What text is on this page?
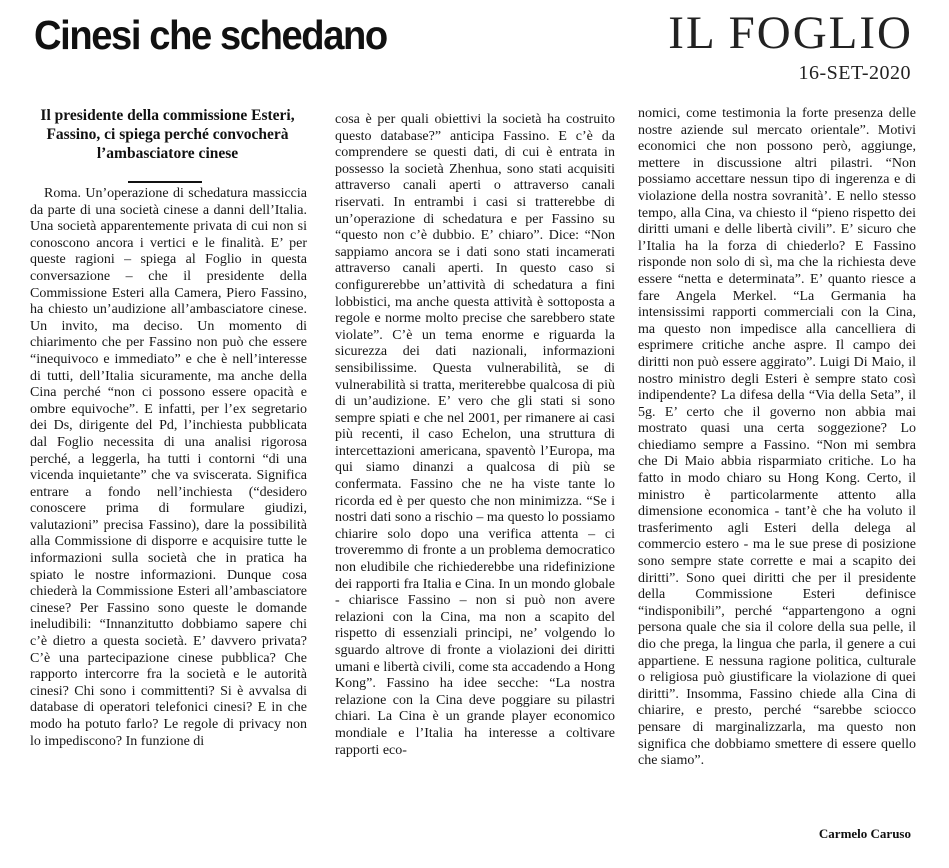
Cinesi che schedano	IL FOGLIO
16-SET-2020
Il presidente della commissione Esteri, Fassino, ci spiega perché convocherà l’ambasciatore cinese

Roma. Un’operazione di schedatura massiccia da parte di una società cinese a danni dell’Italia. Una società apparentemente privata di cui non si conoscono ancora i vertici e le finalità. E’ per queste ragioni – spiega al Foglio in questa conversazione – che il presidente della Commissione Esteri alla Camera, Piero Fassino, ha chiesto un’audizione all’ambasciatore cinese. Un invito, ma deciso. Un momento di chiarimento che per Fassino non può che essere “inequivoco e immediato” e che è nell’interesse di tutti, dell’Italia sicuramente, ma anche della Cina perché “non ci possono essere opacità e ombre equivoche”. E infatti, per l’ex segretario dei Ds, dirigente del Pd, l’inchiesta pubblicata dal Foglio necessita di una analisi rigorosa perché, a leggerla, ha tutti i contorni “di una vicenda inquietante” che va sviscerata. Significa entrare a fondo nell’inchiesta (“desidero conoscere prima di formulare giudizi, valutazioni” precisa Fassino), dare la possibilità alla Commissione di disporre e acquisire tutte le informazioni sulla società che in pratica ha spiato le nostre informazioni. Dunque cosa chiederà la Commissione Esteri all’ambasciatore cinese? Per Fassino sono queste le domande ineludibili: “Innanzitutto dobbiamo sapere chi c’è dietro a questa società. E’ davvero privata? C’è una partecipazione cinese pubblica? Che rapporto intercorre fra la società e le autorità cinesi? Chi sono i committenti? Si è avvalsa di database di operatori telefonici cinesi? E in che modo ha potuto farlo? Le regole di privacy non lo impediscono? In funzione di

cosa è per quali obiettivi la società ha costruito questo database?” anticipa Fassino. E c’è da comprendere se questi dati, di cui è entrata in possesso la società Zhenhua, sono stati acquisiti attraverso canali aperti o attraverso canali riservati. In entrambi i casi si tratterebbe di un’operazione di schedatura e per Fassino su “questo non c’è dubbio. E’ chiaro”. Dice: “Non sappiamo ancora se i dati sono stati incamerati attraverso canali aperti. In questo caso si configurerebbe un’attività di schedatura a fini lobbistici, ma anche questa attività è sottoposta a regole e norme molto precise che sarebbero state violate”. C’è un tema enorme e riguarda la sicurezza dei dati nazionali, informazioni sensibilissime. Questa vulnerabilità, se di vulnerabilità si tratta, meriterebbe qualcosa di più di un’audizione. E’ vero che gli stati si sono sempre spiati e che nel 2001, per rimanere ai casi più recenti, il caso Echelon, una struttura di intercettazioni americana, spaventò l’Europa, ma qui siamo dinanzi a qualcosa di più se confermata. Fassino che ne ha viste tante lo ricorda ed è per questo che non minimizza. “Se i nostri dati sono a rischio – ma questo lo possiamo chiarire solo dopo una verifica attenta – ci troveremmo di fronte a un problema democratico non eludibile che richiederebbe una ridefinizione dei rapporti fra Italia e Cina. In un mondo globale - chiarisce Fassino – non si può non avere relazioni con la Cina, ma non a scapito del rispetto di essenziali principi, ne’ volgendo lo sguardo altrove di fronte a violazioni dei diritti umani e libertà civili, come sta accadendo a Hong Kong”. Fassino ha idee secche: “La nostra relazione con la Cina deve poggiare su pilastri chiari. La Cina è un grande player economico mondiale e l’Italia ha interesse a coltivare rapporti eco-

nomici, come testimonia la forte presenza delle nostre aziende sul mercato orientale”. Motivi economici che non possono però, aggiunge, mettere in discussione altri pilastri. “Non possiamo accettare nessun tipo di ingerenza e di violazione della nostra sovranità’. E nello stesso tempo, alla Cina, va chiesto il “pieno rispetto dei diritti umani e delle libertà civili”. E’ sicuro che l’Italia ha la forza di chiederlo? E Fassino risponde non solo di sì, ma che la richiesta deve essere “netta e determinata”. E’ quanto riesce a fare Angela Merkel. “La Germania ha intensissimi rapporti commerciali con la Cina, ma questo non impedisce alla cancelliera di esprimere critiche anche aspre. Il campo dei diritti non può essere aggirato”. Luigi Di Maio, il nostro ministro degli Esteri è sempre stato così indipendente? La difesa della “Via della Seta”, il 5g. E’ certo che il governo non abbia mai mostrato quasi una certa soggezione? Lo chiediamo sempre a Fassino. “Non mi sembra che Di Maio abbia risparmiato critiche. Lo ha fatto in modo chiaro su Hong Kong. Certo, il ministro è particolarmente attento alla dimensione economica - tant’è che ha voluto il trasferimento agli Esteri della delega al commercio estero - ma le sue prese di posizione sono sempre state corrette e mai a scapito dei diritti”. Sono quei diritti che per il presidente della Commissione Esteri definisce “indisponibili”, perché “appartengono a ogni persona quale che sia il colore della sua pelle, il dio che prega, la lingua che parla, il genere a cui appartiene. E nessuna ragione politica, culturale o religiosa può giustificare la violazione di quei diritti”. Insomma, Fassino chiede alla Cina di chiarire, e presto, perché “sarebbe sciocco pensare di marginalizzarla, ma questo non significa che dobbiamo smettere di essere quello che siamo”.

Carmelo Caruso
